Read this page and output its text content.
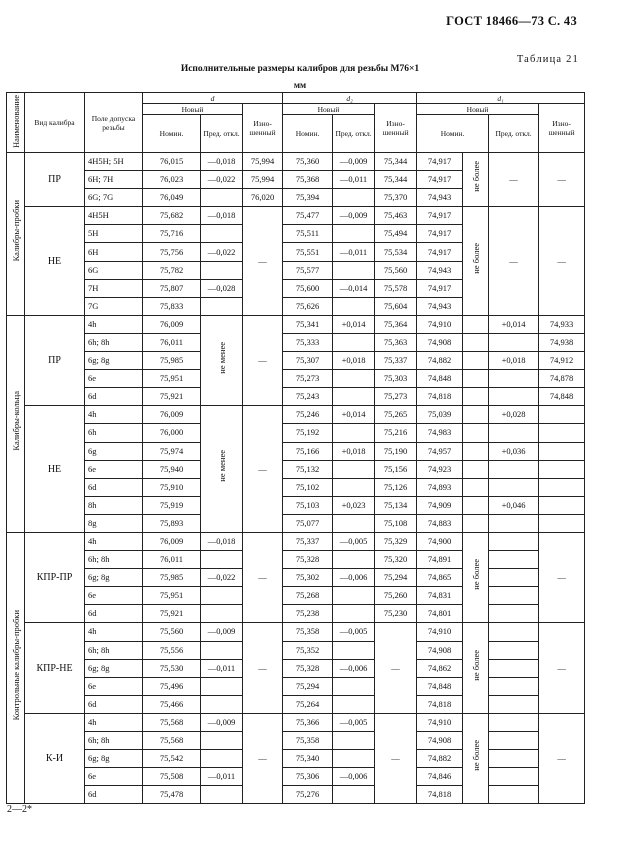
ГОСТ 18466—73 С. 43
Таблица 21
Исполнительные размеры калибров для резьбы М76×1
мм
Наименование	Вид калибра	Поле допуска резьбы	d			d₂			d₁			
			Новый		Изно-шенный	Новый		Изно-шенный	Новый			Изно-шенный
			Номин.	Пред. откл.		Номин.	Пред. откл.		Номин.		Пред. откл.	
Калибры-пробки	ПР	4H5H; 5H	76,015	—0,018	75,994	75,360	—0,009	75,344	74,917	не более	—	—
		6H; 7H	76,023	—0,022	75,994	75,368	—0,011	75,344	74,917			
		6G; 7G	76,049		76,020	75,394		75,370	74,943			
	НЕ	4H5H	75,682	—0,018	—	75,477	—0,009	75,463	74,917	не более	—	—
		5H	75,716			75,511		75,494	74,917			
		6H	75,756	—0,022		75,551	—0,011	75,534	74,917			
		6G	75,782			75,577		75,560	74,943			
		7H	75,807	—0,028		75,600	—0,014	75,578	74,917			
		7G	75,833			75,626		75,604	74,943			
Калибры-кольца	ПР	4h	76,009	не менее	—	75,341	+0,014	75,364	74,910		+0,014	74,933
		6h; 8h	76,011			75,333		75,363	74,908			74,938
		6g; 8g	75,985			75,307	+0,018	75,337	74,882		+0,018	74,912
		6e	75,951			75,273		75,303	74,848			74,878
		6d	75,921			75,243		75,273	74,818			74,848
	НЕ	4h	76,009	не менее	—	75,246	+0,014	75,265	75,039		+0,028	
		6h	76,000			75,192		75,216	74,983			
		6g	75,974			75,166	+0,018	75,190	74,957		+0,036	
		6e	75,940			75,132		75,156	74,923			
		6d	75,910			75,102		75,126	74,893			
		8h	75,919			75,103	+0,023	75,134	74,909		+0,046	
		8g	75,893			75,077		75,108	74,883			
Контрольные калибры-пробки	КПР-ПР	4h	76,009	—0,018	—	75,337	—0,005	75,329	74,900	не более		—
		6h; 8h	76,011			75,328		75,320	74,891			
		6g; 8g	75,985	—0,022		75,302	—0,006	75,294	74,865			
		6e	75,951			75,268		75,260	74,831			
		6d	75,921			75,238		75,230	74,801			
	КПР-НЕ	4h	75,560	—0,009	—	75,358	—0,005	—	74,910	не более		—
		6h; 8h	75,556			75,352			74,908			
		6g; 8g	75,530	—0,011		75,328	—0,006		74,862			
		6e	75,496			75,294			74,848			
		6d	75,466			75,264			74,818			
	К-И	4h	75,568	—0,009	—	75,366	—0,005	—	74,910	не более		—
		6h; 8h	75,568			75,358			74,908			
		6g; 8g	75,542			75,340			74,882			
		6e	75,508	—0,011		75,306	—0,006		74,846			
		6d	75,478			75,276			74,818			
2—2*
